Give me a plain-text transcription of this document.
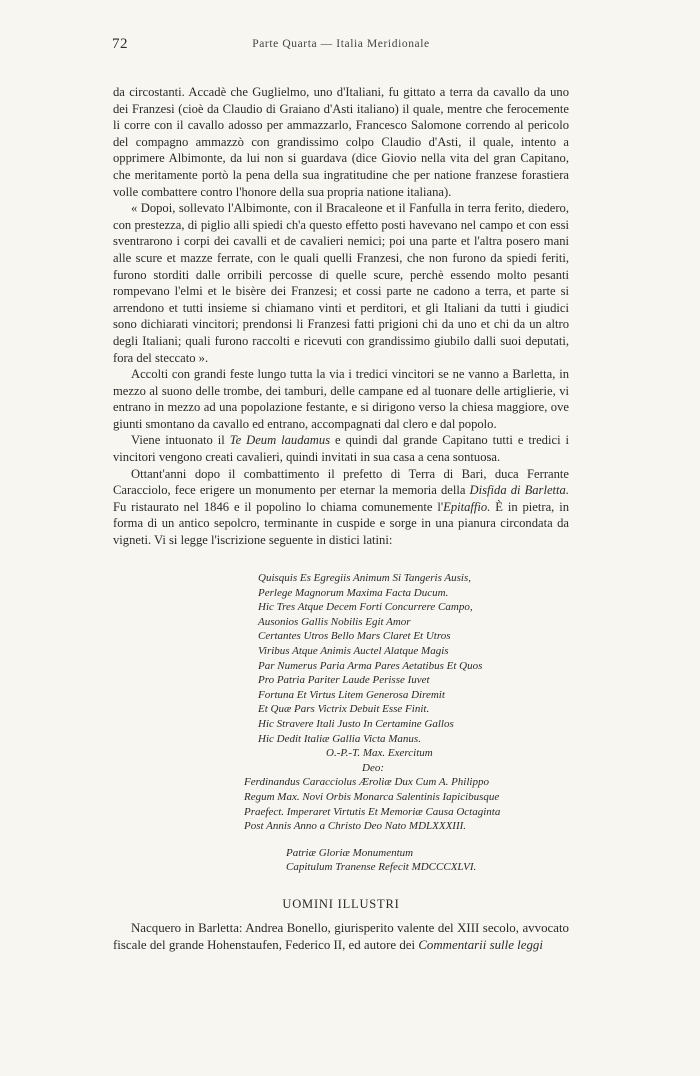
72	Parte Quarta — Italia Meridionale

da circostanti. Accadè che Guglielmo, uno d'Italiani, fu gittato a terra da cavallo da uno dei Franzesi (cioè da Claudio di Graiano d'Asti italiano) il quale, mentre che ferocemente li corre con il cavallo adosso per ammazzarlo, Francesco Salomone correndo al pericolo del compagno ammazzò con grandissimo colpo Claudio d'Asti, il quale, intento a opprimere Albimonte, da lui non si guardava (dice Giovio nella vita del gran Capitano, che meritamente portò la pena della sua ingratitudine che per natione franzese forastiera volle combattere contro l'honore della sua propria natione italiana).

« Dopoi, sollevato l'Albimonte, con il Bracaleone et il Fanfulla in terra ferito, diedero, con prestezza, di piglio alli spiedi ch'a questo effetto posti havevano nel campo et con essi sventrarono i corpi dei cavalli et de cavalieri nemici; poi una parte et l'altra posero mani alle scure et mazze ferrate, con le quali quelli Franzesi, che non furono da spiedi feriti, furono storditi dalle orribili percosse di quelle scure, perchè essendo molto pesanti rompevano l'elmi et le bisère dei Franzesi; et cossi parte ne cadono a terra, et parte si arrendono et tutti insieme si chiamano vinti et perditori, et gli Italiani da tutti i giudici sono dichiarati vincitori; prendonsi li Franzesi fatti prigioni chi da uno et chi da un altro degli Italiani; quali furono raccolti e ricevuti con grandissimo giubilo dalli suoi deputati, fora del steccato ».

Accolti con grandi feste lungo tutta la via i tredici vincitori se ne vanno a Barletta, in mezzo al suono delle trombe, dei tamburi, delle campane ed al tuonare delle artiglierie, vi entrano in mezzo ad una popolazione festante, e si dirigono verso la chiesa maggiore, ove giunti smontano da cavallo ed entrano, accompagnati dal clero e dal popolo.

Viene intuonato il Te Deum laudamus e quindi dal grande Capitano tutti e tredici i vincitori vengono creati cavalieri, quindi invitati in sua casa a cena sontuosa.

Ottant'anni dopo il combattimento il prefetto di Terra di Bari, duca Ferrante Caracciolo, fece erigere un monumento per eternar la memoria della Disfida di Barletta. Fu ristaurato nel 1846 e il popolino lo chiama comunemente l'Epitaffio. È in pietra, in forma di un antico sepolcro, terminante in cuspide e sorge in una pianura circondata da vigneti. Vi si legge l'iscrizione seguente in distici latini:

Quisquis Es Egregiis Animum Si Tangeris Ausis,
Perlege Magnorum Maxima Facta Ducum.
Hic Tres Atque Decem Forti Concurrere Campo,
Ausonios Gallis Nobilis Egit Amor
Certantes Utros Bello Mars Claret Et Utros
Viribus Atque Animis Auctel Alatque Magis
Par Numerus Paria Arma Pares Aetatibus Et Quos
Pro Patria Pariter Laude Perisse Iuvet
Fortuna Et Virtus Litem Generosa Diremit
Et Quæ Pars Victrix Debuit Esse Finit.
Hic Stravere Itali Justo In Certamine Gallos
Hic Dedit Italiæ Gallia Victa Manus.
O.-P.-T. Max. Exercitum
Deo:
Ferdinandus Caracciolus Æroliæ Dux Cum A. Philippo
Regum Max. Novi Orbis Monarca Salentinis Iapicibusque
Praefect. Imperaret Virtutis Et Memoriæ Causa Octaginta
Post Annis Anno a Christo Deo Nato MDLXXXIII.
Patriæ Gloriæ Monumentum
Capitulum Tranense Refecit MDCCCXLVI.
UOMINI ILLUSTRI

Nacquero in Barletta: Andrea Bonello, giurisperito valente del XIII secolo, avvocato fiscale del grande Hohenstaufen, Federico II, ed autore dei Commentarii sulle leggi
